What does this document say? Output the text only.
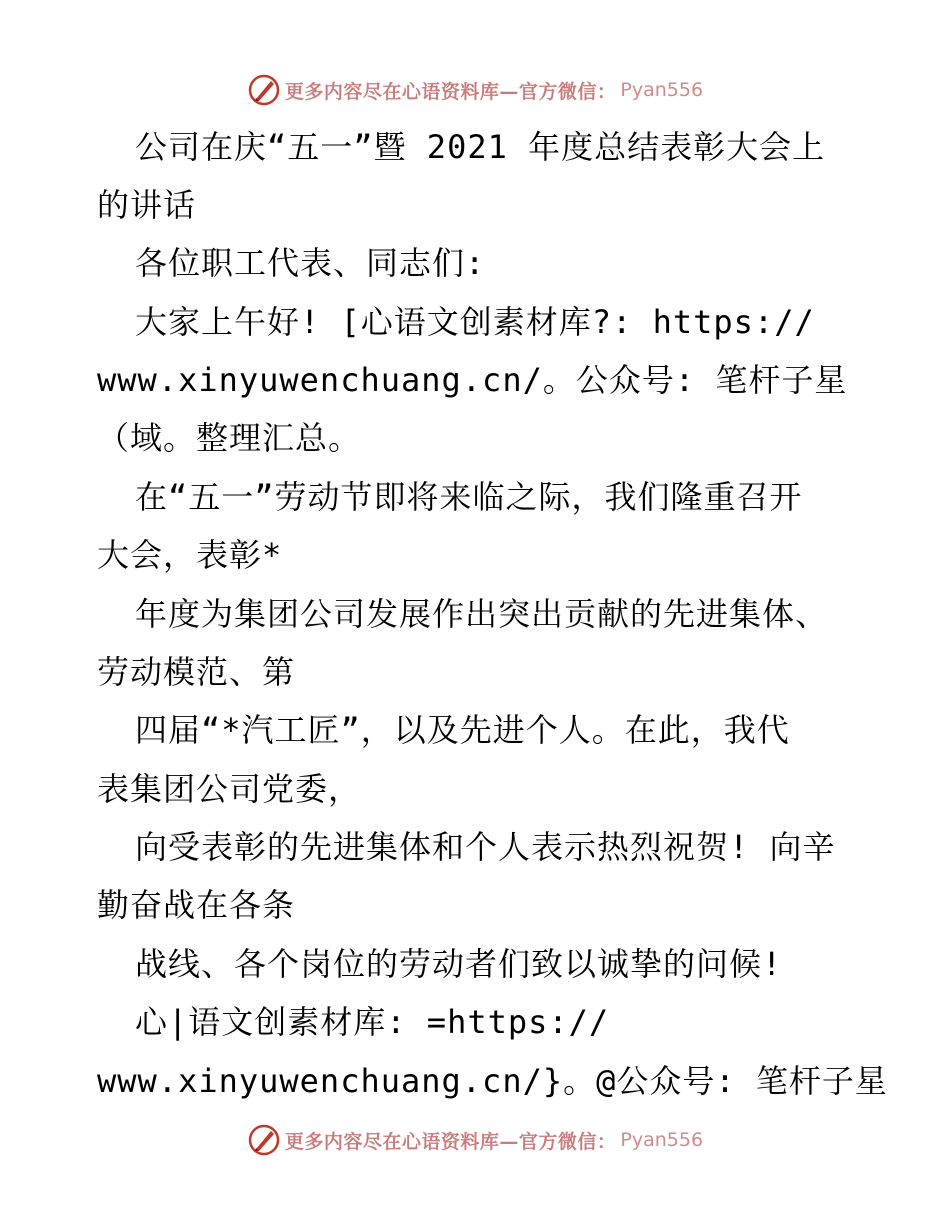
更多内容尽在心语资料库—官方微信： Pyan556
公司在庆“五一”暨 2021 年度总结表彰大会上
的讲话
各位职工代表、同志们:
大家上午好! [心语文创素材库?: https://
www.xinyuwenchuang.cn/。公众号: 笔杆子星
（域。整理汇总。
在“五一”劳动节即将来临之际，我们隆重召开
大会，表彰*
年度为集团公司发展作出突出贡献的先进集体、
劳动模范、第
四届“*汽工匠”，以及先进个人。在此，我代
表集团公司党委，
向受表彰的先进集体和个人表示热烈祝贺! 向辛
勤奋战在各条
战线、各个岗位的劳动者们致以诚挚的问候!
心|语文创素材库: =https://
www.xinyuwenchuang.cn/}。@公众号: 笔杆子星
更多内容尽在心语资料库—官方微信： Pyan556
